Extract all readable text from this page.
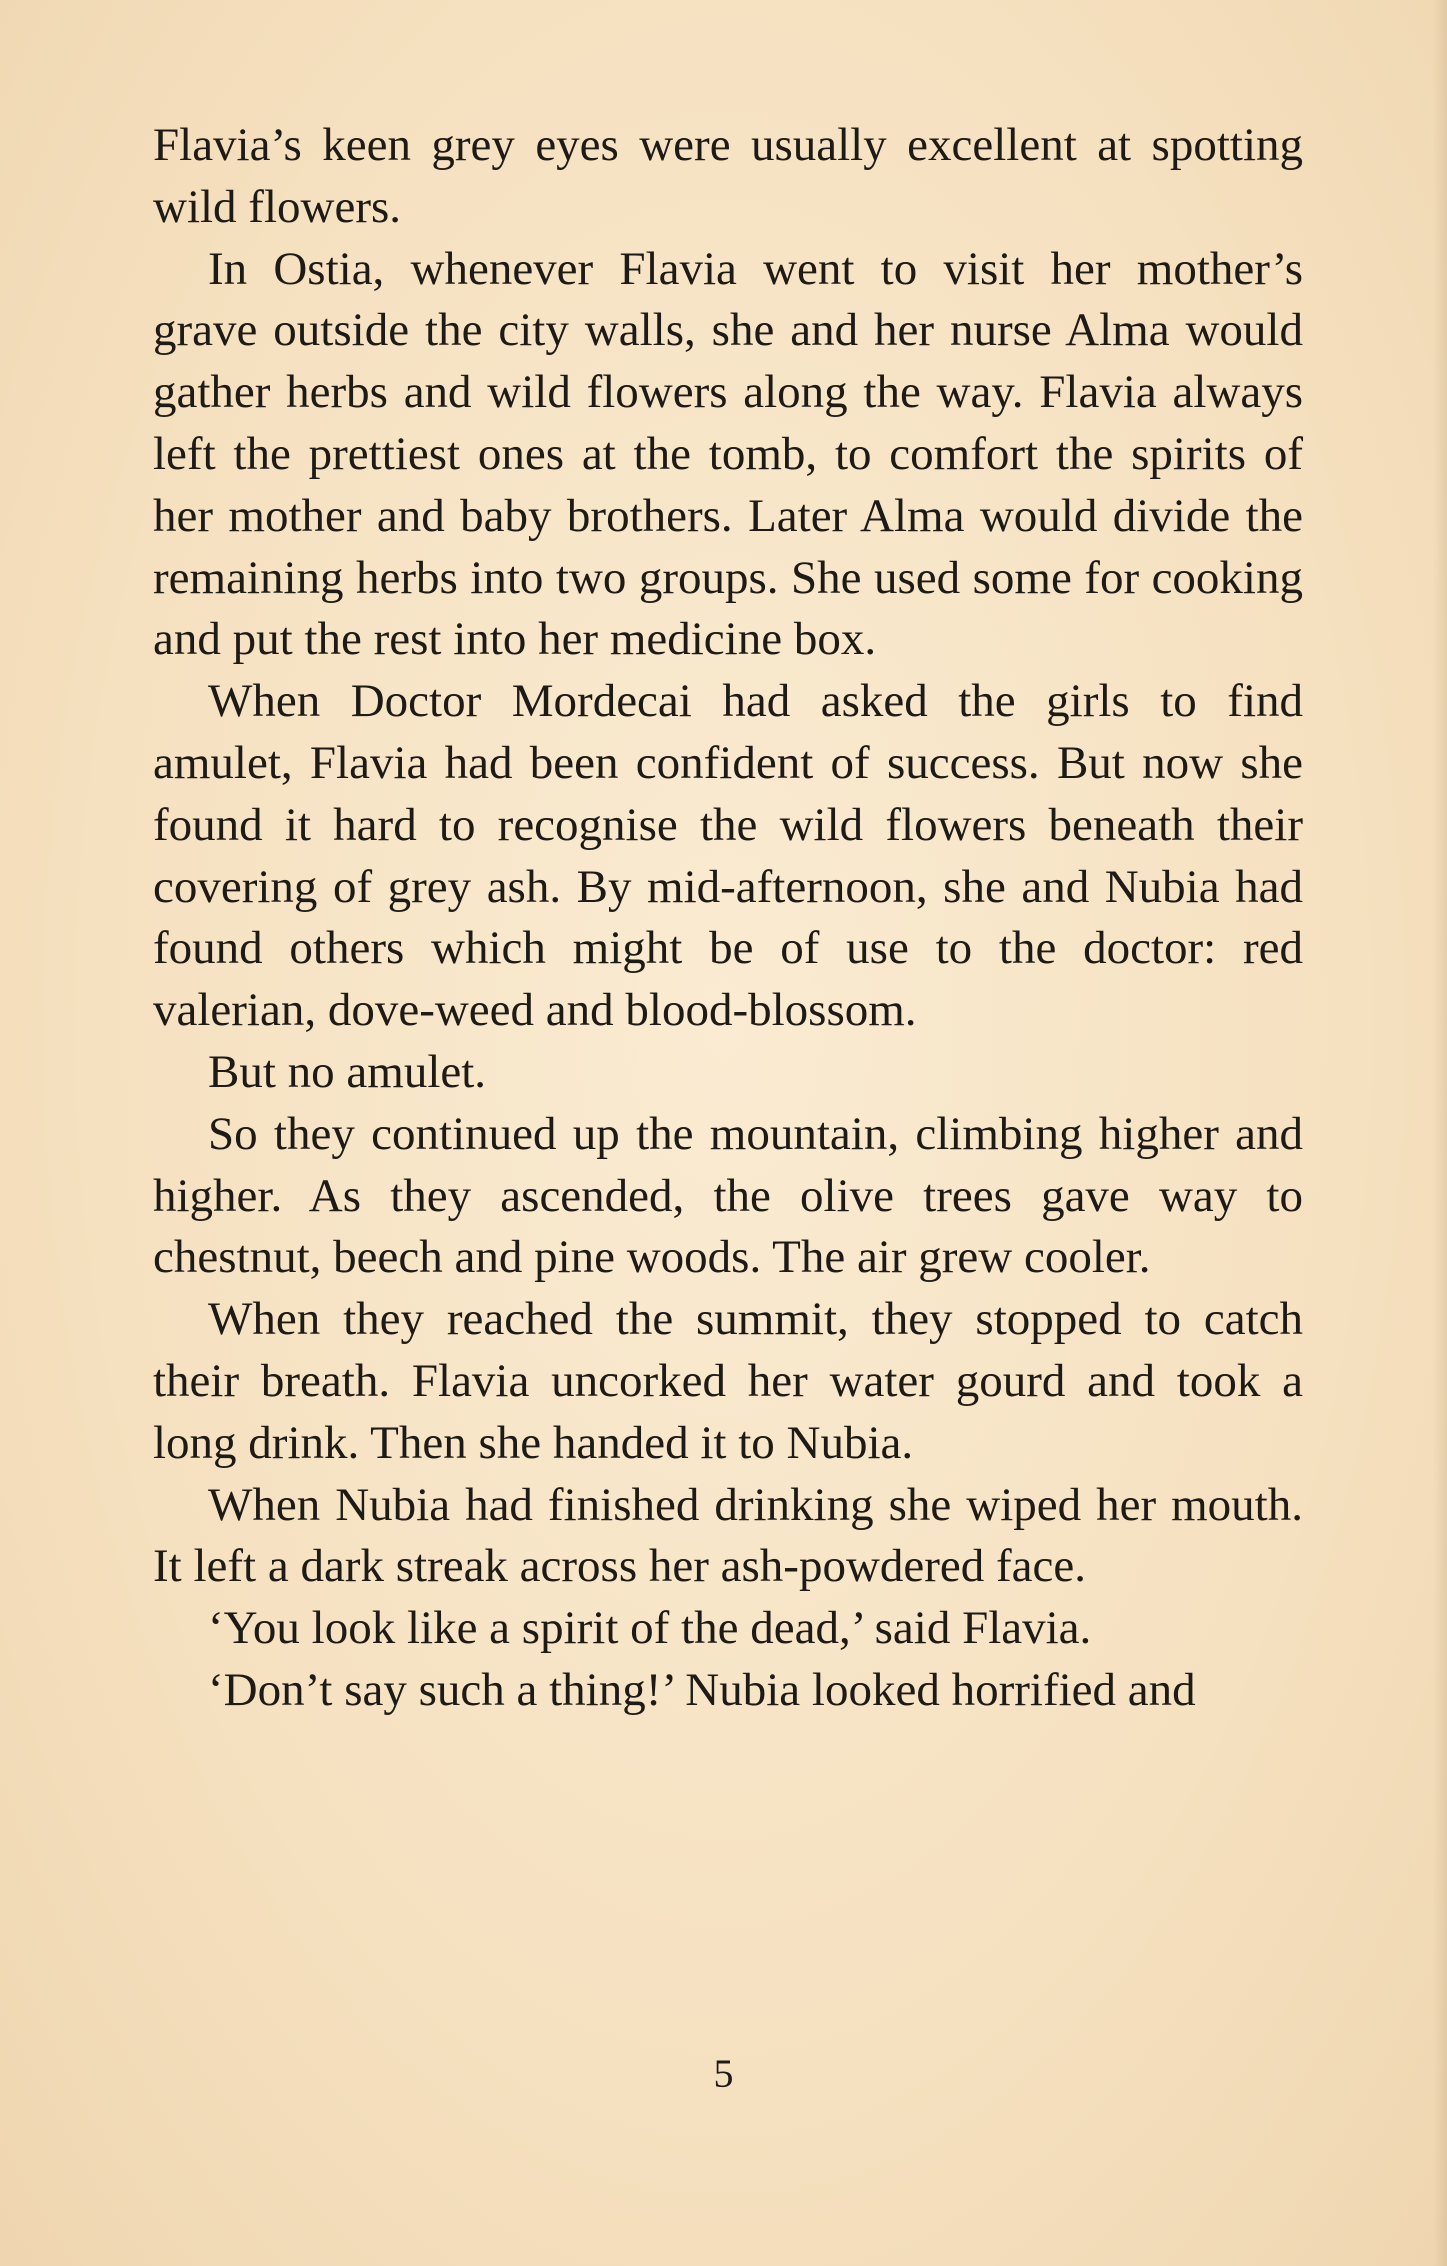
Flavia’s keen grey eyes were usually excellent at spotting wild flowers.

In Ostia, whenever Flavia went to visit her mother’s grave outside the city walls, she and her nurse Alma would gather herbs and wild flowers along the way. Flavia always left the prettiest ones at the tomb, to comfort the spirits of her mother and baby brothers. Later Alma would divide the remaining herbs into two groups. She used some for cooking and put the rest into her medicine box.

When Doctor Mordecai had asked the girls to find amulet, Flavia had been confident of success. But now she found it hard to recognise the wild flowers beneath their covering of grey ash. By mid-afternoon, she and Nubia had found others which might be of use to the doctor: red valerian, dove-weed and blood-blossom.

But no amulet.

So they continued up the mountain, climbing higher and higher. As they ascended, the olive trees gave way to chestnut, beech and pine woods. The air grew cooler.

When they reached the summit, they stopped to catch their breath. Flavia uncorked her water gourd and took a long drink. Then she handed it to Nubia.

When Nubia had finished drinking she wiped her mouth. It left a dark streak across her ash-powdered face.

‘You look like a spirit of the dead,’ said Flavia.

‘Don’t say such a thing!’ Nubia looked horrified and

5
